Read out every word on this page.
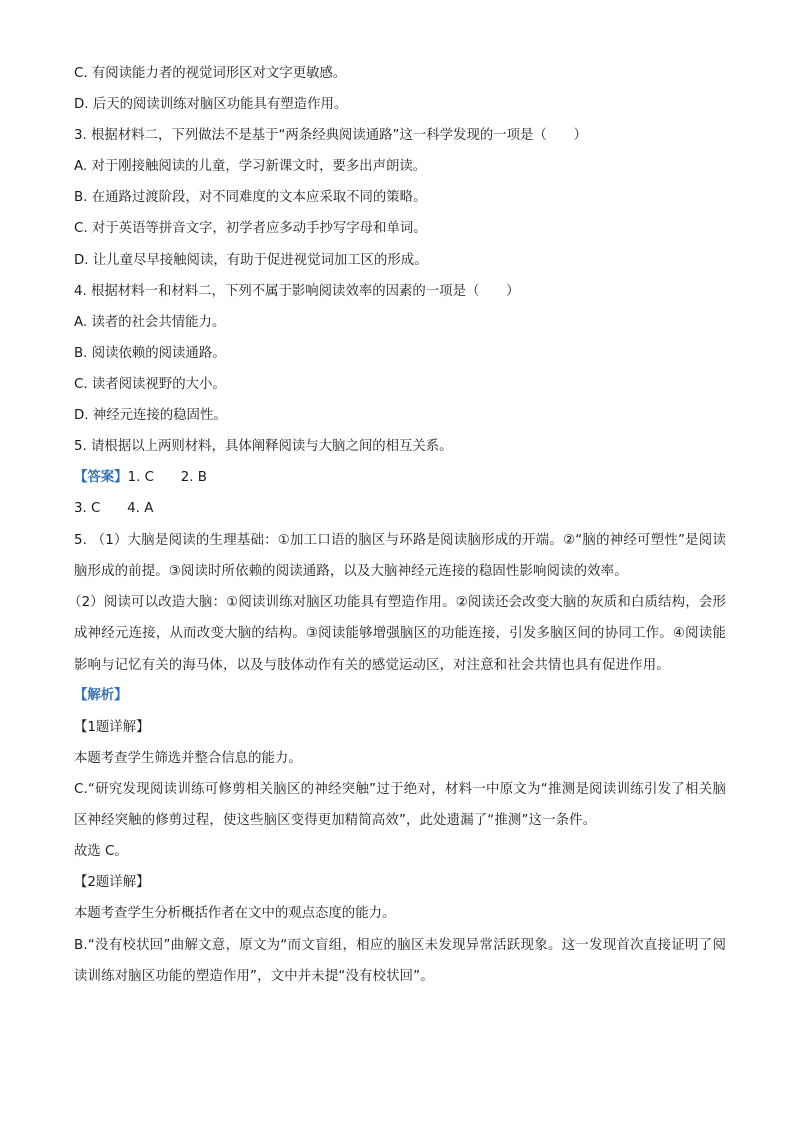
C. 有阅读能力者的视觉词形区对文字更敏感。
D. 后天的阅读训练对脑区功能具有塑造作用。
3. 根据材料二，下列做法不是基于“两条经典阅读通路”这一科学发现的一项是（　　）
A. 对于刚接触阅读的儿童，学习新课文时，要多出声朗读。
B. 在通路过渡阶段，对不同难度的文本应采取不同的策略。
C. 对于英语等拼音文字，初学者应多动手抄写字母和单词。
D. 让儿童尽早接触阅读，有助于促进视觉词加工区的形成。
4. 根据材料一和材料二，下列不属于影响阅读效率的因素的一项是（　　）
A. 读者的社会共情能力。
B. 阅读依赖的阅读通路。
C. 读者阅读视野的大小。
D. 神经元连接的稳固性。
5. 请根据以上两则材料，具体阐释阅读与大脑之间的相互关系。
【答案】1. C　　2. B
3. C　　4. A
5. （1）大脑是阅读的生理基础：①加工口语的脑区与环路是阅读脑形成的开端。②“脑的神经可塑性”是阅读脑形成的前提。③阅读时所依赖的阅读通路，以及大脑神经元连接的稳固性影响阅读的效率。
（2）阅读可以改造大脑：①阅读训练对脑区功能具有塑造作用。②阅读还会改变大脑的灰质和白质结构，会形成神经元连接，从而改变大脑的结构。③阅读能够增强脑区的功能连接，引发多脑区间的协同工作。④阅读能影响与记忆有关的海马体，以及与肢体动作有关的感觉运动区，对注意和社会共情也具有促进作用。
【解析】
【1题详解】
本题考查学生筛选并整合信息的能力。
C.“研究发现阅读训练可修剪相关脑区的神经突触”过于绝对，材料一中原文为“推测是阅读训练引发了相关脑区神经突触的修剪过程，使这些脑区变得更加精简高效”，此处遗漏了“推测”这一条件。
故选 C。
【2题详解】
本题考查学生分析概括作者在文中的观点态度的能力。
B.“没有校状回”曲解文意，原文为“而文盲组，相应的脑区未发现异常活跃现象。这一发现首次直接证明了阅读训练对脑区功能的塑造作用”，文中并未提“没有校状回”。
